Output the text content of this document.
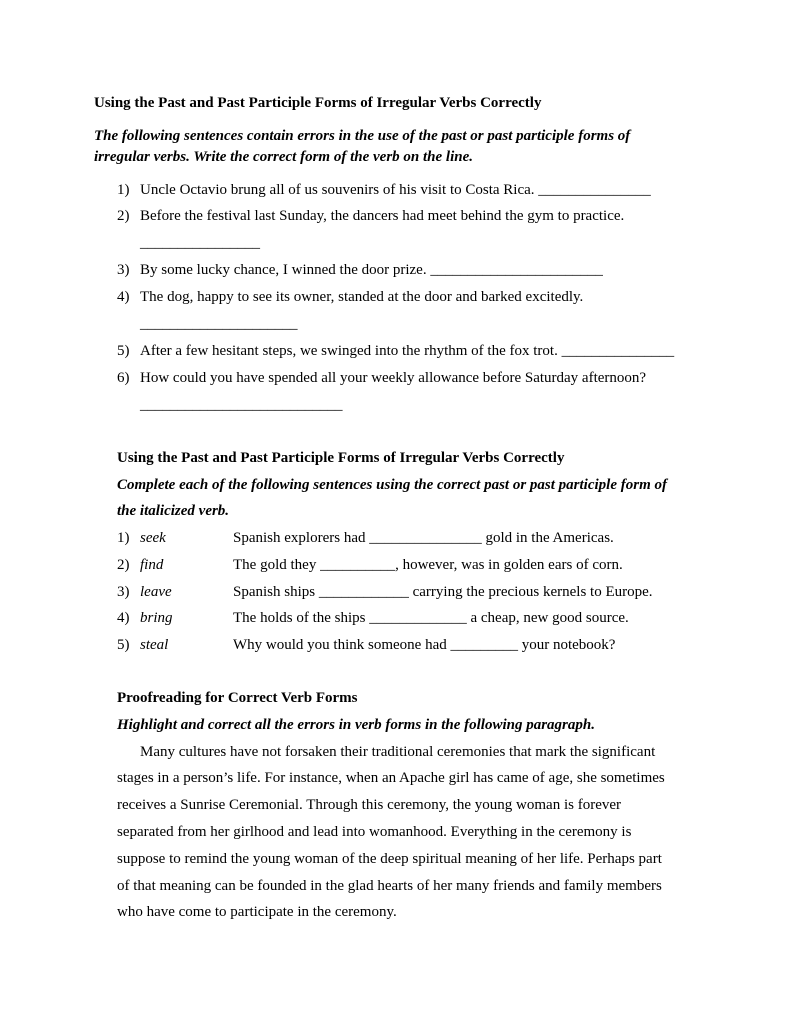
Using the Past and Past Participle Forms of Irregular Verbs Correctly
The following sentences contain errors in the use of the past or past participle forms of
irregular verbs. Write the correct form of the verb on the line.
1) Uncle Octavio brung all of us souvenirs of his visit to Costa Rica. _______________
2) Before the festival last Sunday, the dancers had meet behind the gym to practice.
________________
3) By some lucky chance, I winned the door prize. _______________________
4) The dog, happy to see its owner, standed at the door and barked excitedly.
_____________________
5) After a few hesitant steps, we swinged into the rhythm of the fox trot. _______________
6) How could you have spended all your weekly allowance before Saturday afternoon?
___________________________
Using the Past and Past Participle Forms of Irregular Verbs Correctly
Complete each of the following sentences using the correct past or past participle form of
the italicized verb.
1) seek	Spanish explorers had _______________ gold in the Americas.
2) find	The gold they __________, however, was in golden ears of corn.
3) leave	Spanish ships ____________ carrying the precious kernels to Europe.
4) bring	The holds of the ships _____________ a cheap, new good source.
5) steal	Why would you think someone had _________ your notebook?
Proofreading for Correct Verb Forms
Highlight and correct all the errors in verb forms in the following paragraph.
Many cultures have not forsaken their traditional ceremonies that mark the significant
stages in a person’s life. For instance, when an Apache girl has came of age, she sometimes
receives a Sunrise Ceremonial. Through this ceremony, the young woman is forever
separated from her girlhood and lead into womanhood. Everything in the ceremony is
suppose to remind the young woman of the deep spiritual meaning of her life. Perhaps part
of that meaning can be founded in the glad hearts of her many friends and family members
who have come to participate in the ceremony.
